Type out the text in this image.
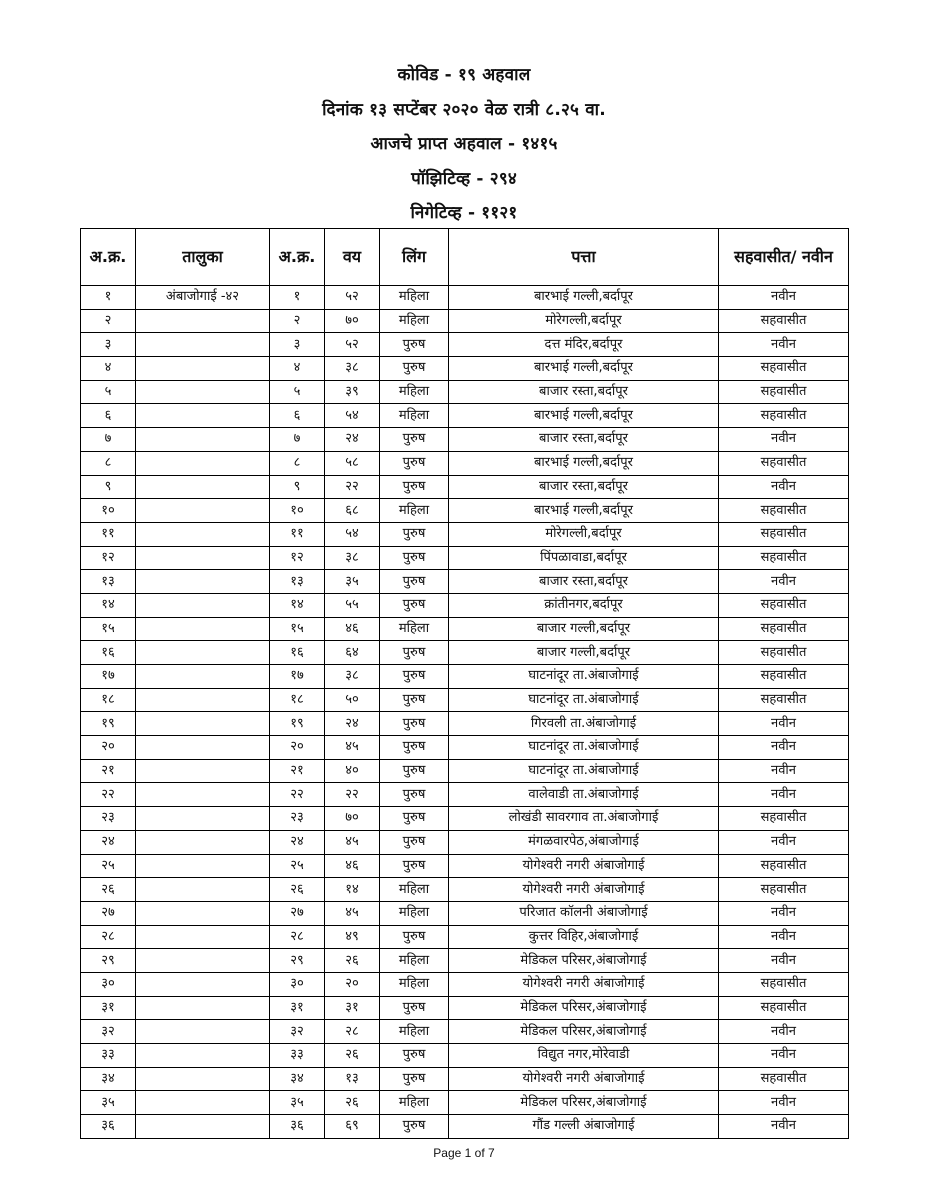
कोविड - १९ अहवाल
दिनांक १३ सप्टेंबर २०२० वेळ रात्री ८.२५ वा.
आजचे प्राप्त अहवाल - १४१५
पॉझिटिव्ह - २९४
निगेटिव्ह - ११२१
अ.क्र.	तालुका	अ.क्र.	वय	लिंग	पत्ता	सहवासीत/ नवीन
१	अंबाजोगाई -४२	१	५२	महिला	बारभाई गल्ली,बर्दापूर	नवीन
२		२	७०	महिला	मोरेगल्ली,बर्दापूर	सहवासीत
३		३	५२	पुरुष	दत्त मंदिर,बर्दापूर	नवीन
४		४	३८	पुरुष	बारभाई गल्ली,बर्दापूर	सहवासीत
५		५	३९	महिला	बाजार रस्ता,बर्दापूर	सहवासीत
६		६	५४	महिला	बारभाई गल्ली,बर्दापूर	सहवासीत
७		७	२४	पुरुष	बाजार रस्ता,बर्दापूर	नवीन
८		८	५८	पुरुष	बारभाई गल्ली,बर्दापूर	सहवासीत
९		९	२२	पुरुष	बाजार रस्ता,बर्दापूर	नवीन
१०		१०	६८	महिला	बारभाई गल्ली,बर्दापूर	सहवासीत
११		११	५४	पुरुष	मोरेगल्ली,बर्दापूर	सहवासीत
१२		१२	३८	पुरुष	पिंपळावाडा,बर्दापूर	सहवासीत
१३		१३	३५	पुरुष	बाजार रस्ता,बर्दापूर	नवीन
१४		१४	५५	पुरुष	क्रांतीनगर,बर्दापूर	सहवासीत
१५		१५	४६	महिला	बाजार गल्ली,बर्दापूर	सहवासीत
१६		१६	६४	पुरुष	बाजार गल्ली,बर्दापूर	सहवासीत
१७		१७	३८	पुरुष	घाटनांदूर ता.अंबाजोगाई	सहवासीत
१८		१८	५०	पुरुष	घाटनांदूर ता.अंबाजोगाई	सहवासीत
१९		१९	२४	पुरुष	गिरवली ता.अंबाजोगाई	नवीन
२०		२०	४५	पुरुष	घाटनांदूर ता.अंबाजोगाई	नवीन
२१		२१	४०	पुरुष	घाटनांदूर ता.अंबाजोगाई	नवीन
२२		२२	२२	पुरुष	वालेवाडी ता.अंबाजोगाई	नवीन
२३		२३	७०	पुरुष	लोखंडी सावरगाव ता.अंबाजोगाई	सहवासीत
२४		२४	४५	पुरुष	मंगळवारपेठ,अंबाजोगाई	नवीन
२५		२५	४६	पुरुष	योगेश्वरी नगरी अंबाजोगाई	सहवासीत
२६		२६	१४	महिला	योगेश्वरी नगरी अंबाजोगाई	सहवासीत
२७		२७	४५	महिला	परिजात कॉलनी अंबाजोगाई	नवीन
२८		२८	४९	पुरुष	कुत्तर विहिर,अंबाजोगाई	नवीन
२९		२९	२६	महिला	मेडिकल परिसर,अंबाजोगाई	नवीन
३०		३०	२०	महिला	योगेश्वरी नगरी अंबाजोगाई	सहवासीत
३१		३१	३१	पुरुष	मेडिकल परिसर,अंबाजोगाई	सहवासीत
३२		३२	२८	महिला	मेडिकल परिसर,अंबाजोगाई	नवीन
३३		३३	२६	पुरुष	विद्युत नगर,मोरेवाडी	नवीन
३४		३४	१३	पुरुष	योगेश्वरी नगरी अंबाजोगाई	सहवासीत
३५		३५	२६	महिला	मेडिकल परिसर,अंबाजोगाई	नवीन
३६		३६	६९	पुरुष	गौंड गल्ली अंबाजोगाई	नवीन
Page 1 of 7
